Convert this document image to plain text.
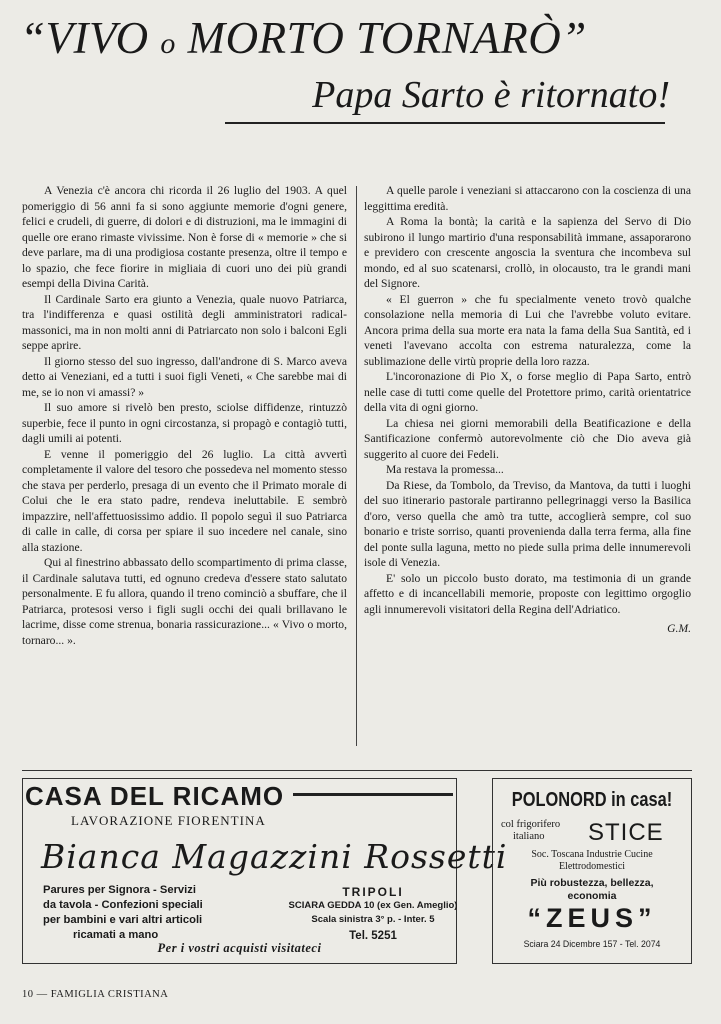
“VIVO o MORTO TORNARÒ”
Papa Sarto è ritornato!

A Venezia c'è ancora chi ricorda il 26 luglio del 1903. A quel pomeriggio di 56 anni fa si sono aggiunte memorie d'ogni genere, felici e crudeli, di guerre, di dolori e di distruzioni, ma le immagini di quelle ore erano rimaste vivissime. Non è forse di « memorie » che si deve parlare, ma di una prodigiosa costante presenza, oltre il tempo e lo spazio, che fece fiorire in migliaia di cuori uno dei più grandi esempi della Divina Carità.

Il Cardinale Sarto era giunto a Venezia, quale nuovo Patriarca, tra l'indifferenza e quasi ostilità degli amministratori radical-massonici, ma in non molti anni di Patriarcato non solo i balconi Egli seppe aprire.

Il giorno stesso del suo ingresso, dall'androne di S. Marco aveva detto ai Veneziani, ed a tutti i suoi figli Veneti, « Che sarebbe mai di me, se io non vi amassi? »

Il suo amore si rivelò ben presto, sciolse diffidenze, rintuzzò superbie, fece il punto in ogni circostanza, si propagò e contagiò tutti, dagli umili ai potenti.

E venne il pomeriggio del 26 luglio. La città avvertì completamente il valore del tesoro che possedeva nel momento stesso che stava per perderlo, presaga di un evento che il Primato morale di Colui che le era stato padre, rendeva ineluttabile. E sembrò impazzire, nell'affettuosissimo addio. Il popolo seguì il suo Patriarca di calle in calle, di corsa per spiare il suo incedere nel canale, sino alla stazione.

Qui al finestrino abbassato dello scompartimento di prima classe, il Cardinale salutava tutti, ed ognuno credeva d'essere stato salutato personalmente. E fu allora, quando il treno cominciò a sbuffare, che il Patriarca, protesosi verso i figli sugli occhi dei quali brillavano le lacrime, disse come strenua, bonaria rassicurazione... « Vivo o morto, tornaro... ».

A quelle parole i veneziani si attaccarono con la coscienza di una leggittima eredità.

A Roma la bontà; la carità e la sapienza del Servo di Dio subirono il lungo martirio d'una responsabilità immane, assaporarono e previdero con crescente angoscia la sventura che incombeva sul mondo, ed al suo scatenarsi, crollò, in olocausto, tra le grandi mani del Signore.

« El guerron » che fu specialmente veneto trovò qualche consolazione nella memoria di Lui che l'avrebbe voluto evitare. Ancora prima della sua morte era nata la fama della Sua Santità, ed i veneti l'avevano accolta con estrema naturalezza, come la sublimazione delle virtù proprie della loro razza.

L'incoronazione di Pio X, o forse meglio di Papa Sarto, entrò nelle case di tutti come quelle del Protettore primo, carità orientatrice della vita di ogni giorno.

La chiesa nei giorni memorabili della Beatificazione e della Santificazione confermò autorevolmente ciò che Dio aveva già suggerito al cuore dei Fedeli.

Ma restava la promessa...

Da Riese, da Tombolo, da Treviso, da Mantova, da tutti i luoghi del suo itinerario pastorale partiranno pellegrinaggi verso la Basilica d'oro, verso quella che amò tra tutte, accoglierà sempre, col suo bonario e triste sorriso, quanti provenienda dalla terra ferma, alla fine del ponte sulla laguna, metto no piede sulla prima delle innumerevoli isole di Venezia.

E' solo un piccolo busto dorato, ma testimonia di un grande affetto e di incancellabili memorie, proposte con legittimo orgoglio agli innumerevoli visitatori della Regina dell'Adriatico.

G.M.

CASA DEL RICAMO
LAVORAZIONE FIORENTINA
Bianca Magazzini Rossetti
Parures per Signora - Servizi
da tavola - Confezioni speciali
per bambini e vari altri articoli
ricamati a mano
TRIPOLI
SCIARA GEDDA 10 (ex Gen. Ameglio)
Scala sinistra 3° p. - Inter. 5
Tel. 5251
Per i vostri acquisti visitateci
POLONORD in casa!
col frigorifero
italiano	STICE
Soc. Toscana Industrie Cucine
Elettrodomestici
Più robustezza, bellezza,
economia
“ZEUS”
Sciara 24 Dicembre 157 - Tel. 2074
10 — FAMIGLIA CRISTIANA
